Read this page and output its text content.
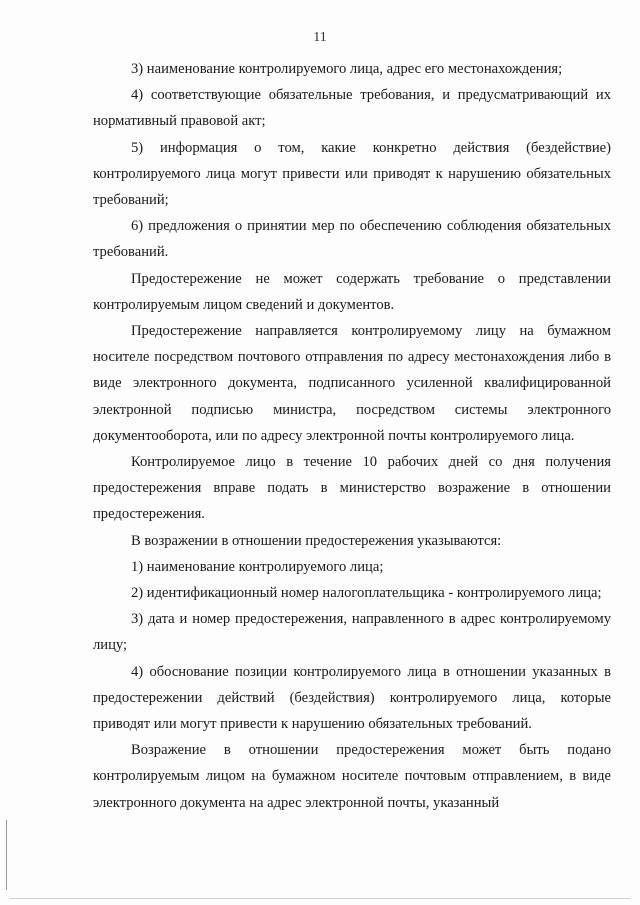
11

3) наименование контролируемого лица, адрес его местонахождения;

4) соответствующие обязательные требования, и предусматривающий их нормативный правовой акт;

5) информация о том, какие конкретно действия (бездействие) контролируемого лица могут привести или приводят к нарушению обязательных требований;

6) предложения о принятии мер по обеспечению соблюдения обязательных требований.

Предостережение не может содержать требование о представлении контролируемым лицом сведений и документов.

Предостережение направляется контролируемому лицу на бумажном носителе посредством почтового отправления по адресу местонахождения либо в виде электронного документа, подписанного усиленной квалифицированной электронной подписью министра, посредством системы электронного документооборота, или по адресу электронной почты контролируемого лица.

Контролируемое лицо в течение 10 рабочих дней со дня получения предостережения вправе подать в министерство возражение в отношении предостережения.

В возражении в отношении предостережения указываются:

1) наименование контролируемого лица;

2) идентификационный номер налогоплательщика - контролируемого лица;

3) дата и номер предостережения, направленного в адрес контролируемому лицу;

4) обоснование позиции контролируемого лица в отношении указанных в предостережении действий (бездействия) контролируемого лица, которые приводят или могут привести к нарушению обязательных требований.

Возражение в отношении предостережения может быть подано контролируемым лицом на бумажном носителе почтовым отправлением, в виде электронного документа на адрес электронной почты, указанный
